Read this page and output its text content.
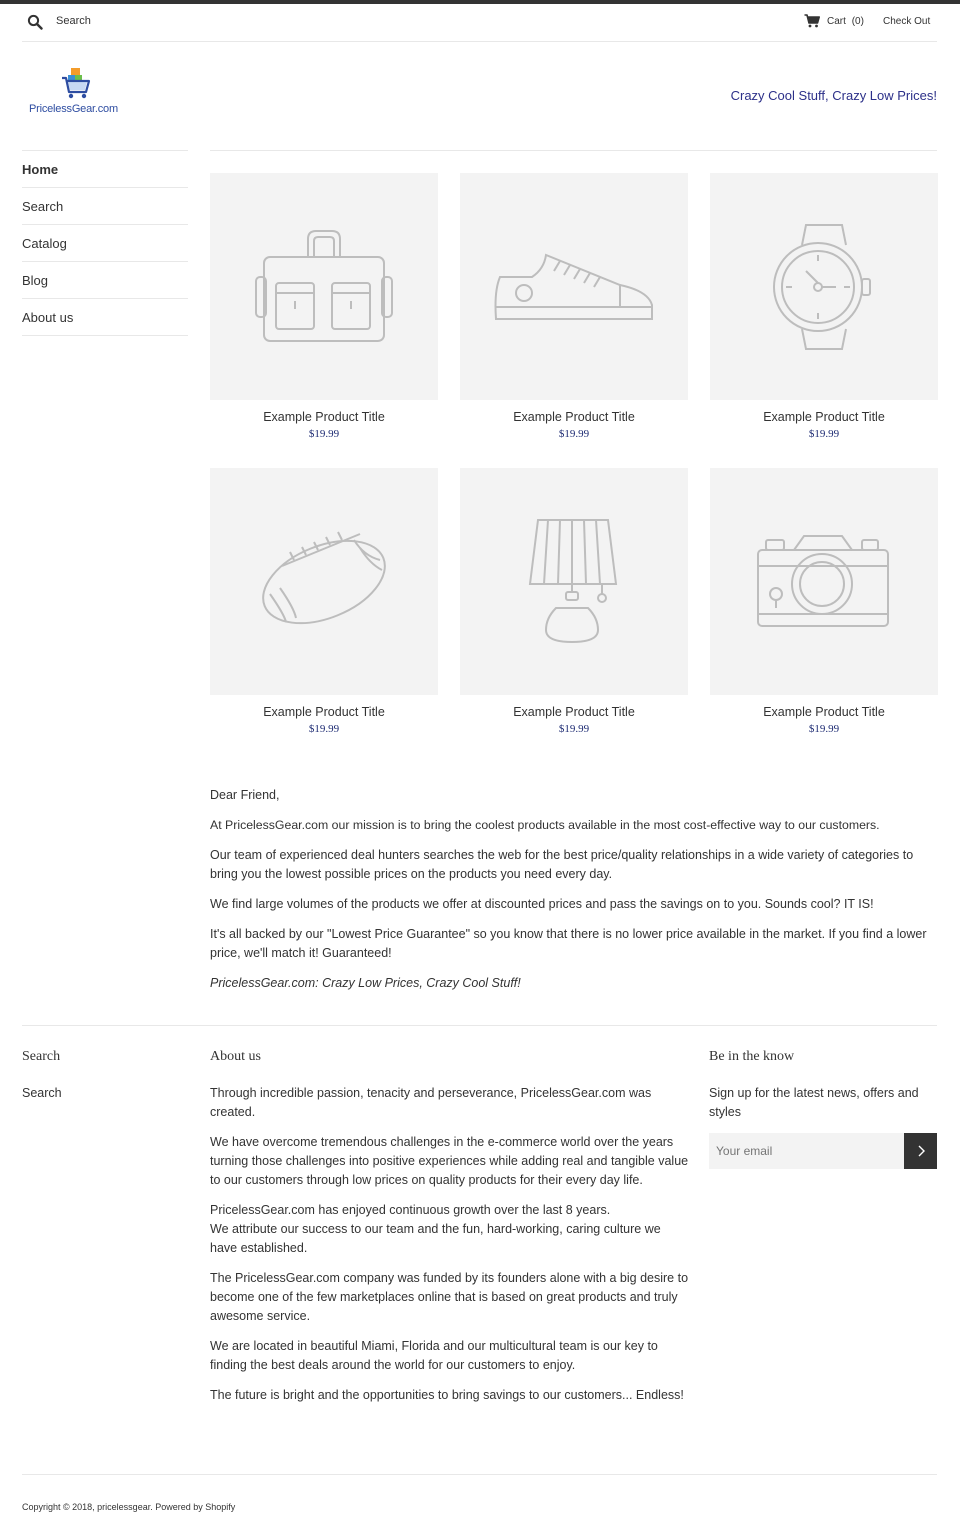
Search	Cart (0) Check Out
PricelessGear.com
Crazy Cool Stuff, Crazy Low Prices!
Home
Search
Catalog
Blog
About us
Example Product Title
$19.99
Example Product Title
$19.99
Example Product Title
$19.99
Example Product Title
$19.99
Example Product Title
$19.99
Example Product Title
$19.99

Dear Friend,

At PricelessGear.com our mission is to bring the coolest products available in the most cost-effective way to our customers.

Our team of experienced deal hunters searches the web for the best price/quality relationships in a wide variety of categories to bring you the lowest possible prices on the products you need every day.

We find large volumes of the products we offer at discounted prices and pass the savings on to you. Sounds cool? IT IS!

It's all backed by our "Lowest Price Guarantee" so you know that there is no lower price available in the market. If you find a lower price, we'll match it! Guaranteed!

PricelessGear.com: Crazy Low Prices, Crazy Cool Stuff!

Search
Search
About us

Through incredible passion, tenacity and perseverance, PricelessGear.com was created.

We have overcome tremendous challenges in the e-commerce world over the years turning those challenges into positive experiences while adding real and tangible value to our customers through low prices on quality products for their every day life.

PricelessGear.com has enjoyed continuous growth over the last 8 years.
We attribute our success to our team and the fun, hard-working, caring culture we have established.

The PricelessGear.com company was funded by its founders alone with a big desire to become one of the few marketplaces online that is based on great products and truly awesome service.

We are located in beautiful Miami, Florida and our multicultural team is our key to finding the best deals around the world for our customers to enjoy.

The future is bright and the opportunities to bring savings to our customers... Endless!

Be in the know
Sign up for the latest news, offers and styles
Your email
Copyright © 2018, pricelessgear. Powered by Shopify
